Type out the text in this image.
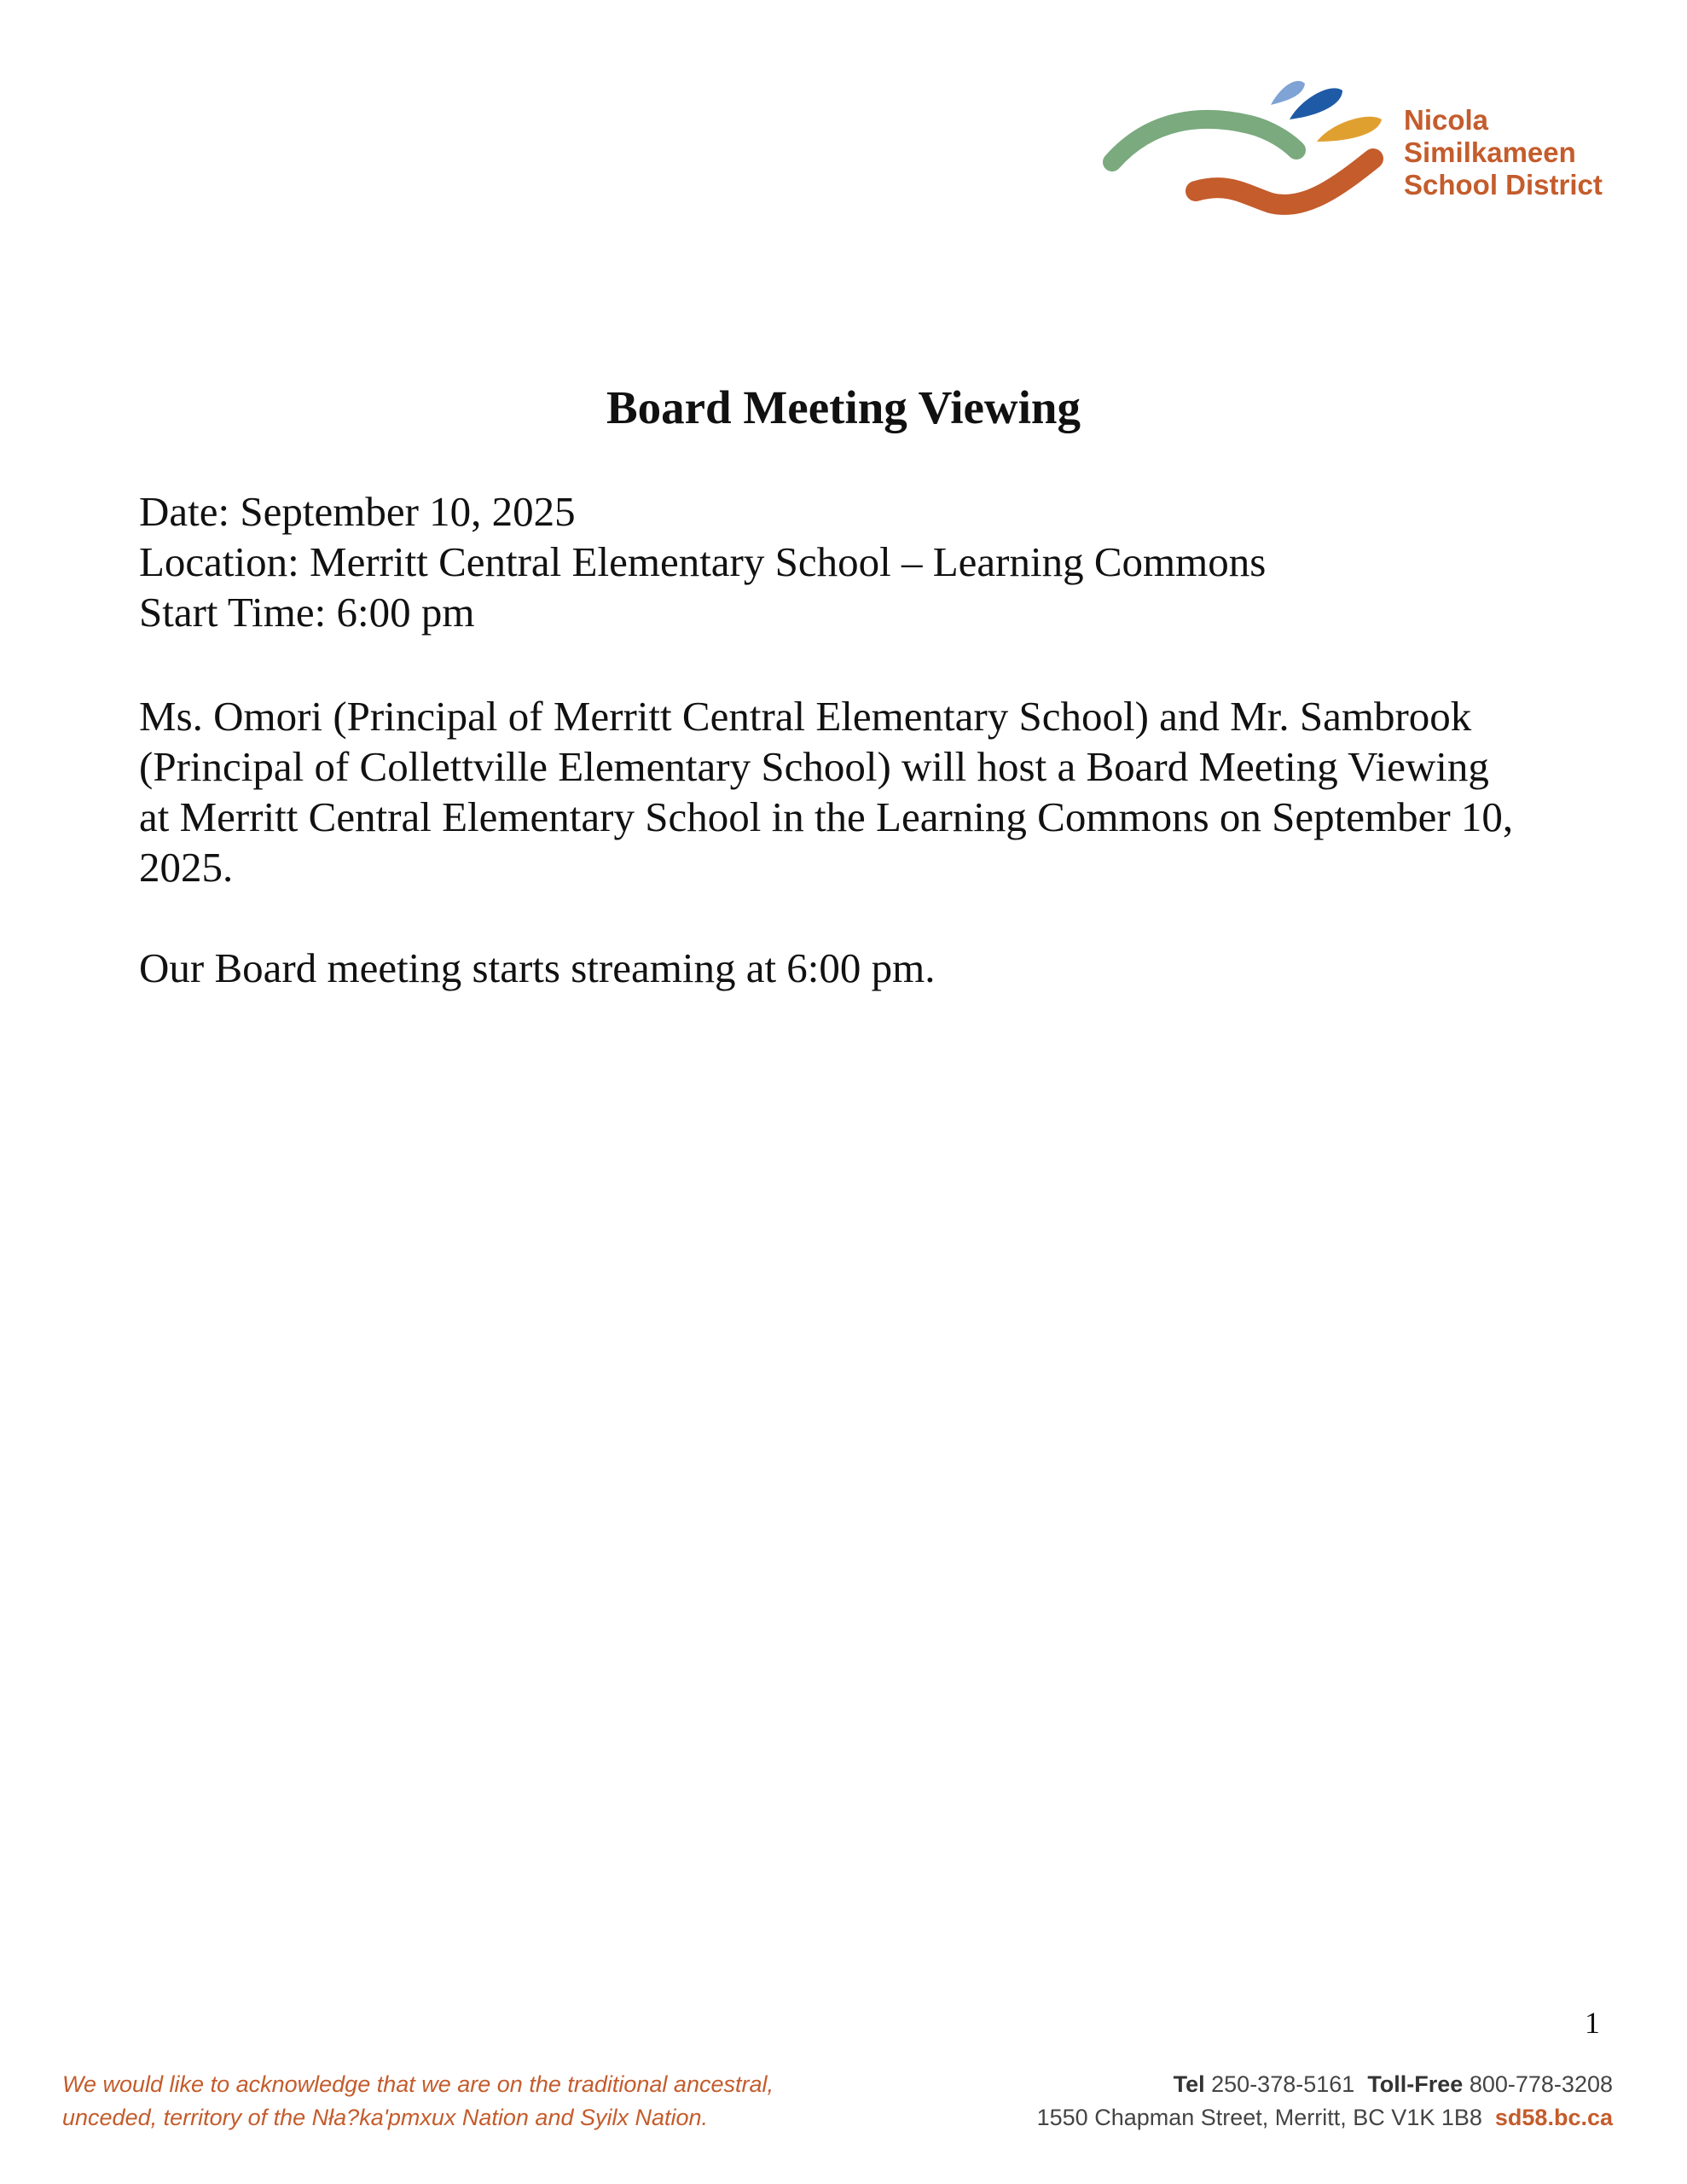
Nicola
Similkameen
School District
Board Meeting Viewing
Date: September 10, 2025
Location: Merritt Central Elementary School – Learning Commons
Start Time: 6:00 pm
Ms. Omori (Principal of Merritt Central Elementary School) and Mr. Sambrook
(Principal of Collettville Elementary School) will host a Board Meeting Viewing
at Merritt Central Elementary School in the Learning Commons on September 10,
2025.
Our Board meeting starts streaming at 6:00 pm.
1
We would like to acknowledge that we are on the traditional ancestral,
unceded, territory of the Nła?ka'pmxux Nation and Syilx Nation.
Tel 250-378-5161 Toll-Free 800-778-3208
1550 Chapman Street, Merritt, BC V1K 1B8 sd58.bc.ca
